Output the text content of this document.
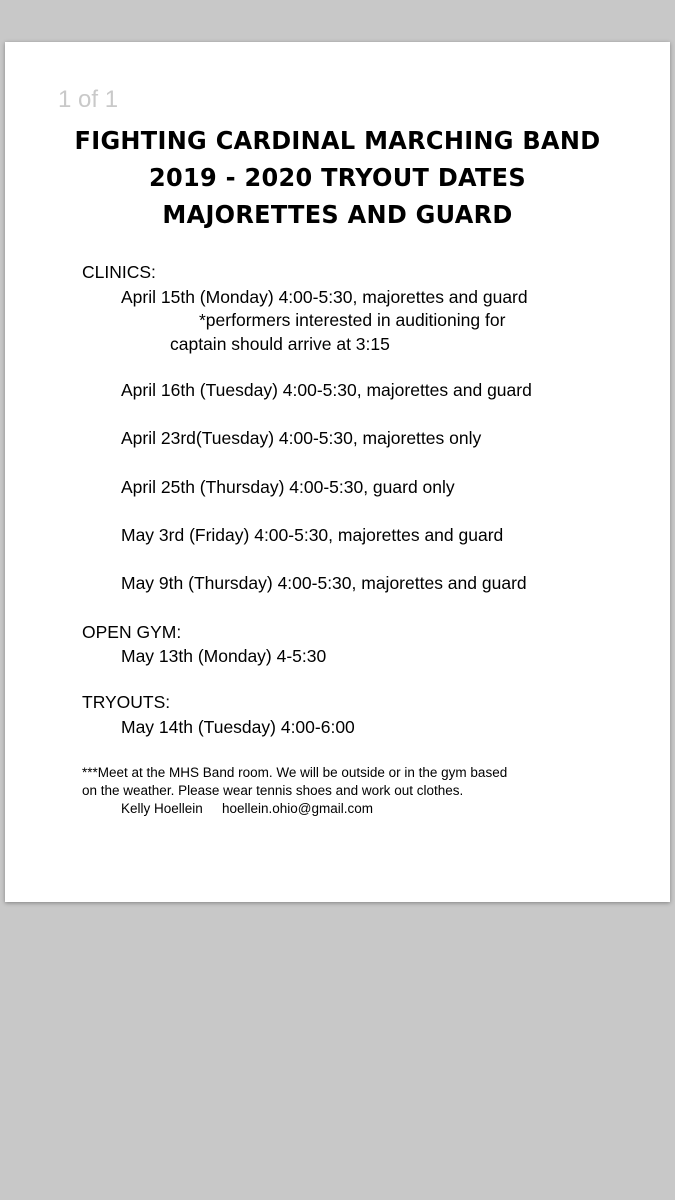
1 of 1
FIGHTING CARDINAL MARCHING BAND
2019 - 2020 TRYOUT DATES
MAJORETTES AND GUARD
CLINICS:
April 15th (Monday) 4:00-5:30, majorettes and guard
*performers interested in auditioning for
captain should arrive at 3:15
April 16th (Tuesday) 4:00-5:30, majorettes and guard
April 23rd(Tuesday) 4:00-5:30, majorettes only
April 25th (Thursday) 4:00-5:30, guard only
May 3rd (Friday) 4:00-5:30, majorettes and guard
May 9th (Thursday) 4:00-5:30, majorettes and guard
OPEN GYM:
May 13th (Monday) 4-5:30
TRYOUTS:
May 14th (Tuesday) 4:00-6:00
***Meet at the MHS Band room. We will be outside or in the gym based
on the weather. Please wear tennis shoes and work out clothes.
Kelly Hoellein hoellein.ohio@gmail.com
